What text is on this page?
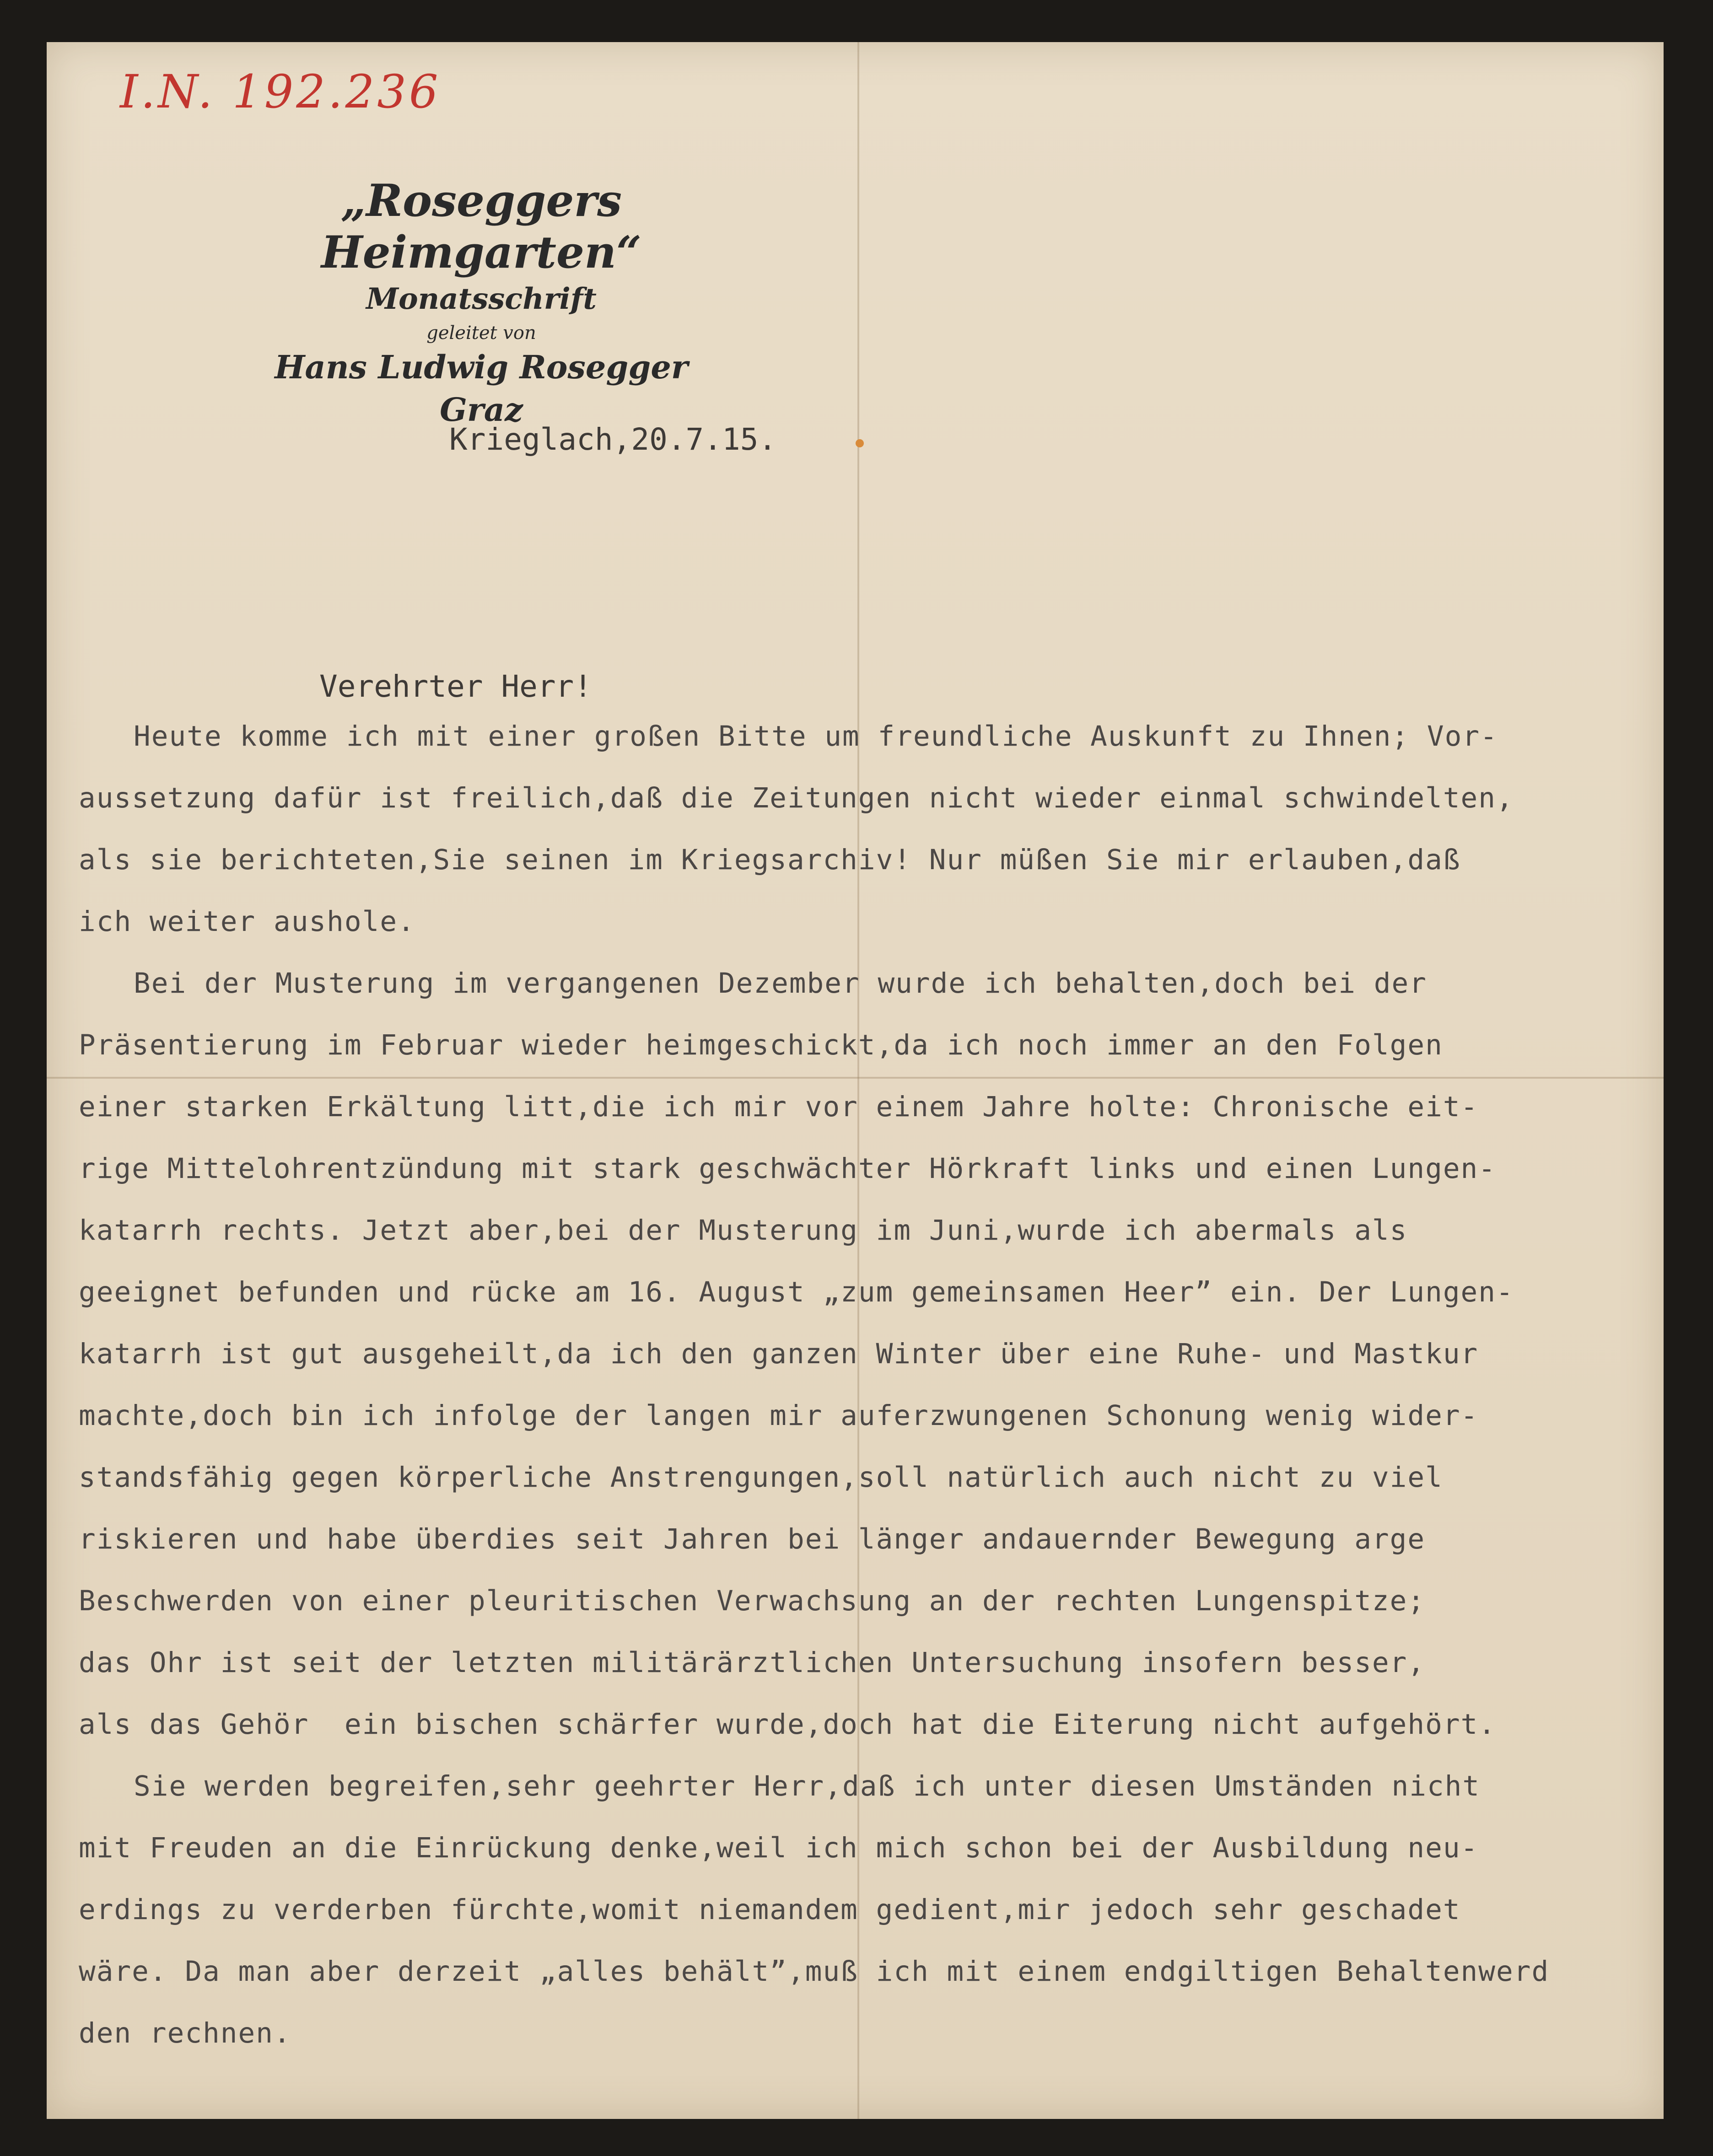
I.N. 192.236

„Roseggers Heimgarten“

Monatsschrift

geleitet von

Hans Ludwig Rosegger

Graz

Krieglach,20.7.15.

Verehrter Herr!

Heute komme ich mit einer großen Bitte um freundliche Auskunft zu Ihnen; Vor-

aussetzung dafür ist freilich,daß die Zeitungen nicht wieder einmal schwindelten,

als sie berichteten,Sie seinen im Kriegsarchiv! Nur müßen Sie mir erlauben,daß

ich weiter aushole.

Bei der Musterung im vergangenen Dezember wurde ich behalten,doch bei der

Präsentierung im Februar wieder heimgeschickt,da ich noch immer an den Folgen

einer starken Erkältung litt,die ich mir vor einem Jahre holte: Chronische eit-

rige Mittelohrentzündung mit stark geschwächter Hörkraft links und einen Lungen-

katarrh rechts. Jetzt aber,bei der Musterung im Juni,wurde ich abermals als

geeignet befunden und rücke am 16. August „zum gemeinsamen Heer” ein. Der Lungen-

katarrh ist gut ausgeheilt,da ich den ganzen Winter über eine Ruhe- und Mastkur

machte,doch bin ich infolge der langen mir auferzwungenen Schonung wenig wider-

standsfähig gegen körperliche Anstrengungen,soll natürlich auch nicht zu viel

riskieren und habe überdies seit Jahren bei länger andauernder Bewegung arge

Beschwerden von einer pleuritischen Verwachsung an der rechten Lungenspitze;

das Ohr ist seit der letzten militärärztlichen Untersuchung insofern besser,

als das Gehör  ein bischen schärfer wurde,doch hat die Eiterung nicht aufgehört.

Sie werden begreifen,sehr geehrter Herr,daß ich unter diesen Umständen nicht

mit Freuden an die Einrückung denke,weil ich mich schon bei der Ausbildung neu-

erdings zu verderben fürchte,womit niemandem gedient,mir jedoch sehr geschadet

wäre. Da man aber derzeit „alles behält”,muß ich mit einem endgiltigen Behaltenwerd

den rechnen.
